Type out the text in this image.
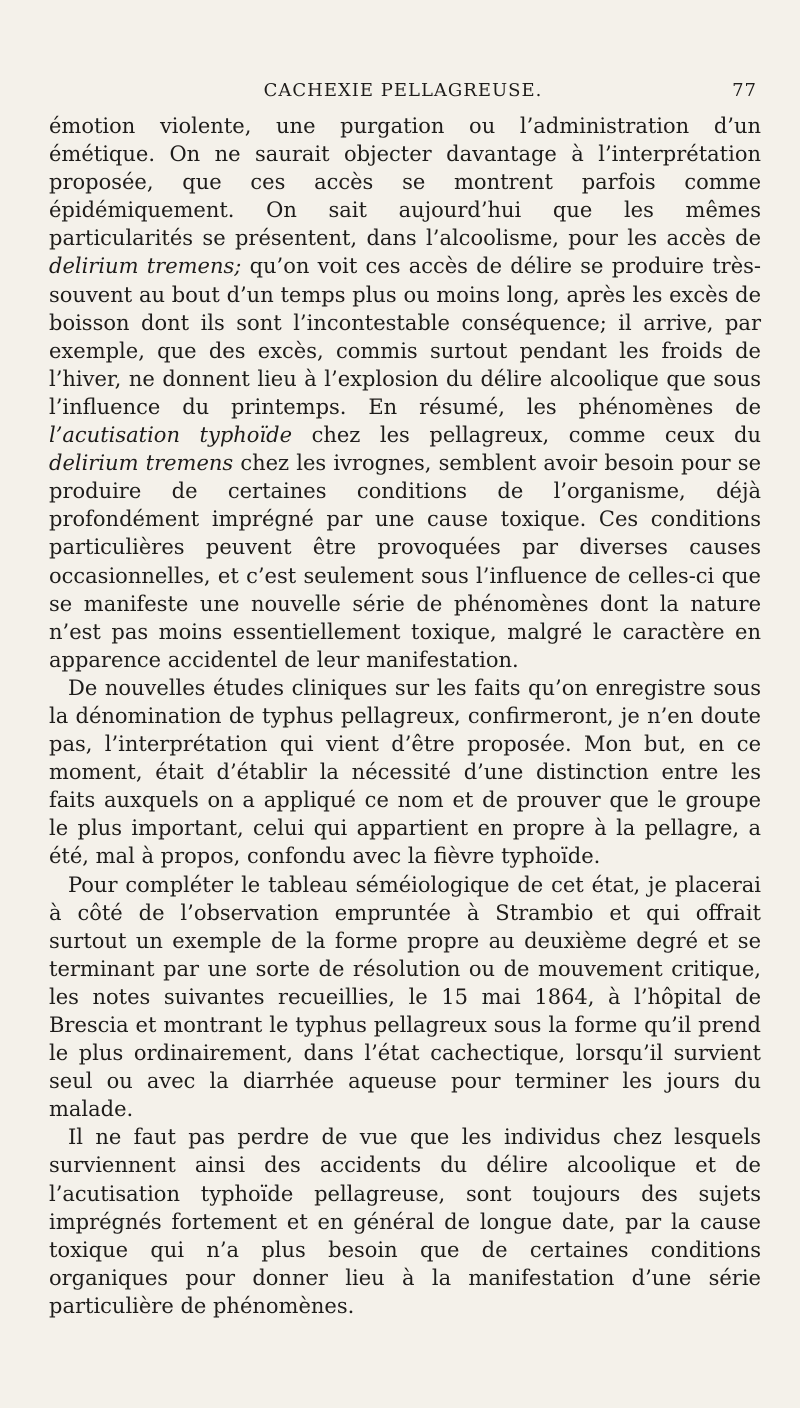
CACHEXIE PELLAGREUSE.	77

émotion violente, une purgation ou l’administration d’un émétique. On ne saurait objecter davantage à l’interprétation proposée, que ces accès se montrent parfois comme épidémiquement. On sait aujourd’hui que les mêmes particularités se présentent, dans l’alcoolisme, pour les accès de delirium tremens; qu’on voit ces accès de délire se produire très-souvent au bout d’un temps plus ou moins long, après les excès de boisson dont ils sont l’incontestable conséquence; il arrive, par exemple, que des excès, commis surtout pendant les froids de l’hiver, ne donnent lieu à l’explosion du délire alcoolique que sous l’influence du printemps. En résumé, les phénomènes de l’acutisation typhoïde chez les pellagreux, comme ceux du delirium tremens chez les ivrognes, semblent avoir besoin pour se produire de certaines conditions de l’organisme, déjà profondément imprégné par une cause toxique. Ces conditions particulières peuvent être provoquées par diverses causes occasionnelles, et c’est seulement sous l’influence de celles-ci que se manifeste une nouvelle série de phénomènes dont la nature n’est pas moins essentiellement toxique, malgré le caractère en apparence accidentel de leur manifestation.

De nouvelles études cliniques sur les faits qu’on enregistre sous la dénomination de typhus pellagreux, confirmeront, je n’en doute pas, l’interprétation qui vient d’être proposée. Mon but, en ce moment, était d’établir la nécessité d’une distinction entre les faits auxquels on a appliqué ce nom et de prouver que le groupe le plus important, celui qui appartient en propre à la pellagre, a été, mal à propos, confondu avec la fièvre typhoïde.

Pour compléter le tableau séméiologique de cet état, je placerai à côté de l’observation empruntée à Strambio et qui offrait surtout un exemple de la forme propre au deuxième degré et se terminant par une sorte de résolution ou de mouvement critique, les notes suivantes recueillies, le 15 mai 1864, à l’hôpital de Brescia et montrant le typhus pellagreux sous la forme qu’il prend le plus ordinairement, dans l’état cachectique, lorsqu’il survient seul ou avec la diarrhée aqueuse pour terminer les jours du malade.

Il ne faut pas perdre de vue que les individus chez lesquels surviennent ainsi des accidents du délire alcoolique et de l’acutisation typhoïde pellagreuse, sont toujours des sujets imprégnés fortement et en général de longue date, par la cause toxique qui n’a plus besoin que de certaines conditions organiques pour donner lieu à la manifestation d’une série particulière de phénomènes.
